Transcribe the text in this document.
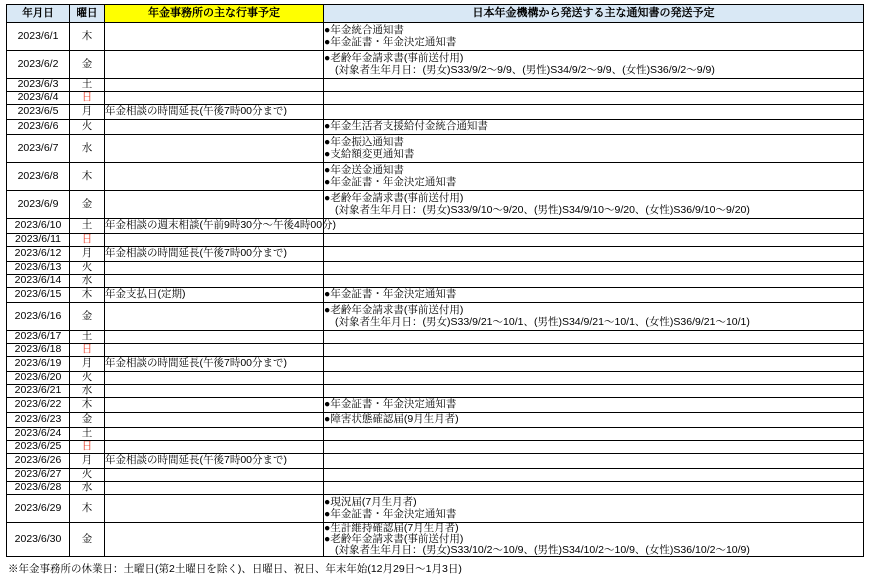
年月日	曜日	年金事務所の主な行事予定	日本年金機構から発送する主な通知書の発送予定
2023/6/1	木		●年金統合通知書
●年金証書・年金決定通知書

2023/6/2	金		●老齢年金請求書(事前送付用)
(対象者生年月日：(男女)S33/9/2〜9/9、(男性)S34/9/2〜9/9、(女性)S36/9/2〜9/9)

2023/6/3	土		
2023/6/4	日		
2023/6/5	月	年金相談の時間延長(午後7時00分まで)	
2023/6/6	火		●年金生活者支援給付金統合通知書

2023/6/7	水		●年金振込通知書
●支給額変更通知書

2023/6/8	木		●年金送金通知書
●年金証書・年金決定通知書

2023/6/9	金		●老齢年金請求書(事前送付用)
(対象者生年月日：(男女)S33/9/10〜9/20、(男性)S34/9/10〜9/20、(女性)S36/9/10〜9/20)

2023/6/10	土	年金相談の週末相談(午前9時30分〜午後4時00分)	
2023/6/11	日		
2023/6/12	月	年金相談の時間延長(午後7時00分まで)	
2023/6/13	火		
2023/6/14	水		
2023/6/15	木	年金支払日(定期)	●年金証書・年金決定通知書

2023/6/16	金		●老齢年金請求書(事前送付用)
(対象者生年月日：(男女)S33/9/21〜10/1、(男性)S34/9/21〜10/1、(女性)S36/9/21〜10/1)

2023/6/17	土		
2023/6/18	日		
2023/6/19	月	年金相談の時間延長(午後7時00分まで)	
2023/6/20	火		
2023/6/21	水		
2023/6/22	木		●年金証書・年金決定通知書

2023/6/23	金		●障害状態確認届(9月生月者)

2023/6/24	土		
2023/6/25	日		
2023/6/26	月	年金相談の時間延長(午後7時00分まで)	
2023/6/27	火		
2023/6/28	水		
2023/6/29	木		●現況届(7月生月者)
●年金証書・年金決定通知書

2023/6/30	金		●生計維持確認届(7月生月者)
●老齢年金請求書(事前送付用)
(対象者生年月日：(男女)S33/10/2〜10/9、(男性)S34/10/2〜10/9、(女性)S36/10/2〜10/9)
※年金事務所の休業日：土曜日(第2土曜日を除く)、日曜日、祝日、年末年始(12月29日〜1月3日)
